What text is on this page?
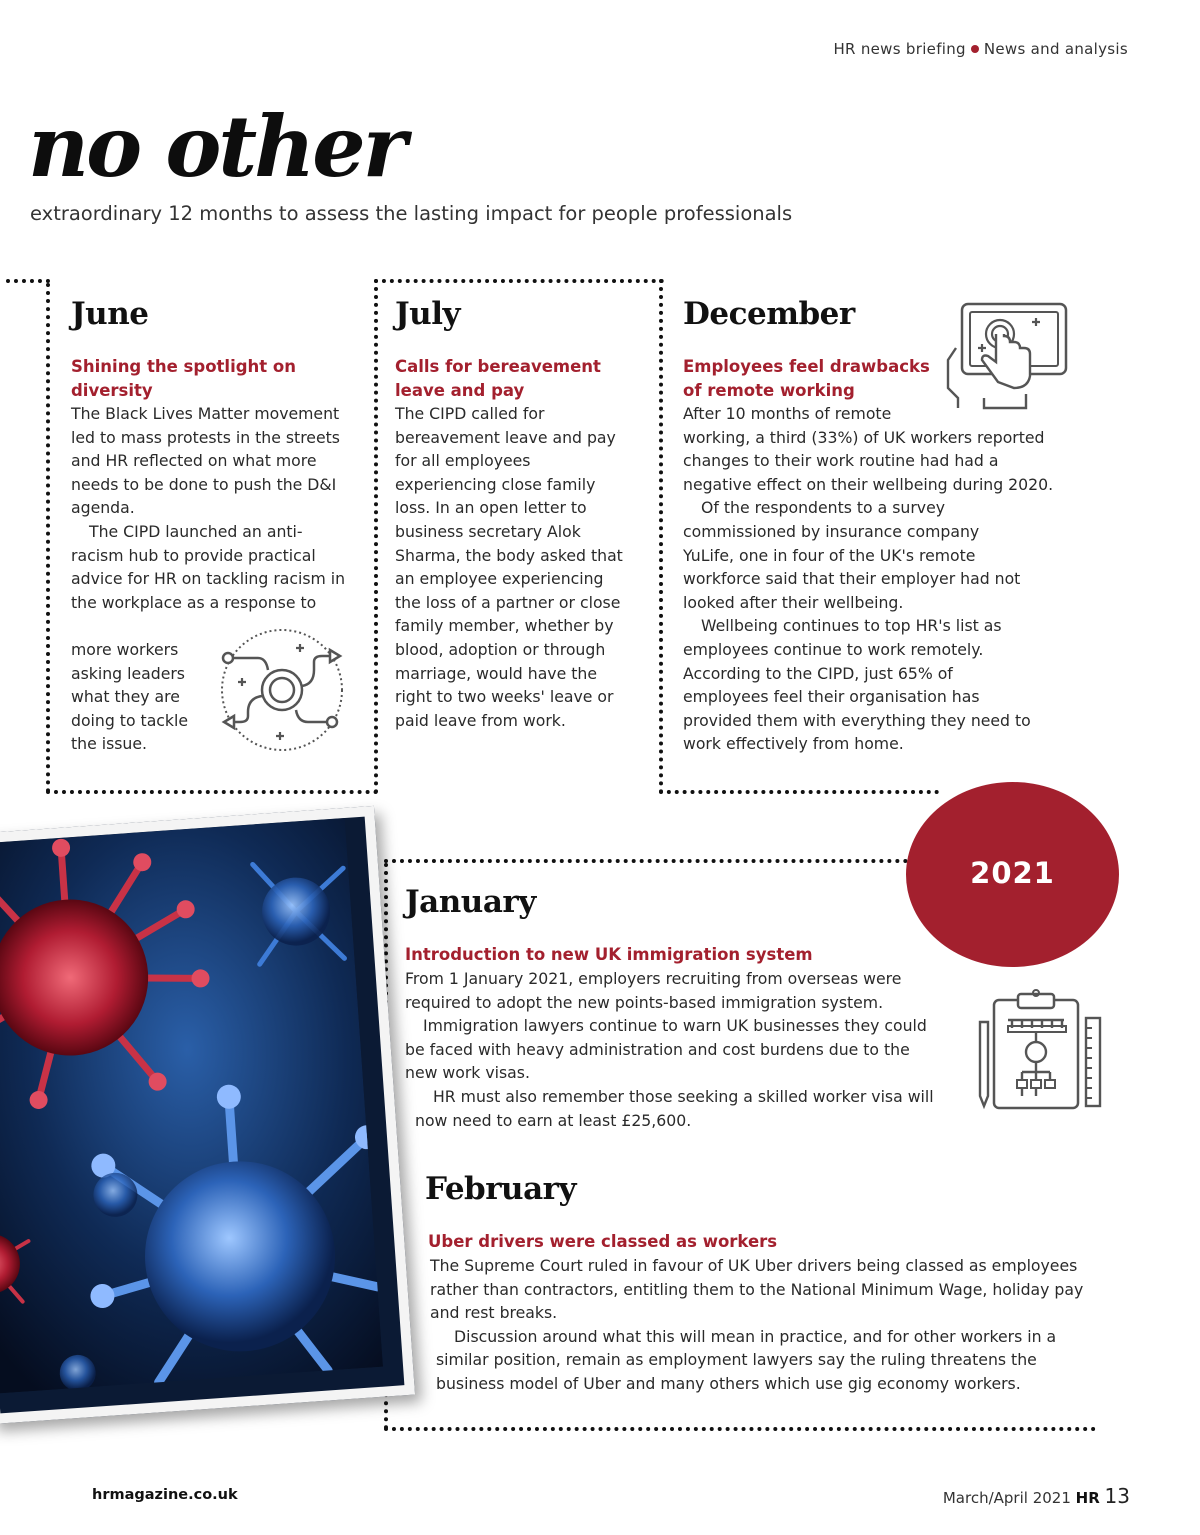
HR news briefing News and analysis
no other
extraordinary 12 months to assess the lasting impact for people professionals
June
Shining the spotlight on diversity

The Black Lives Matter movement led to mass protests in the streets and HR reflected on what more needs to be done to push the D&I agenda.

The CIPD launched an anti-racism hub to provide practical advice for HR on tackling racism in the workplace as a response to

more workers
asking leaders
what they are
doing to tackle
the issue.
July
Calls for bereavement leave and pay

The CIPD called for bereavement leave and pay for all employees experiencing close family loss. In an open letter to business secretary Alok Sharma, the body asked that an employee experiencing the loss of a partner or close family member, whether by blood, adoption or through marriage, would have the right to two weeks' leave or paid leave from work.

December
Employees feel drawbacks of remote working

After 10 months of remote

working, a third (33%) of UK workers reported changes to their work routine had had a negative effect on their wellbeing during 2020.

Of the respondents to a survey commissioned by insurance company YuLife, one in four of the UK's remote workforce said that their employer had not looked after their wellbeing.

Wellbeing continues to top HR's list as employees continue to work remotely. According to the CIPD, just 65% of employees feel their organisation has provided them with everything they need to work effectively from home.

2021
January
Introduction to new UK immigration system

From 1 January 2021, employers recruiting from overseas were required to adopt the new points-based immigration system.

Immigration lawyers continue to warn UK businesses they could be faced with heavy administration and cost burdens due to the new work visas.

HR must also remember those seeking a skilled worker visa will now need to earn at least £25,600.

February
Uber drivers were classed as workers

The Supreme Court ruled in favour of UK Uber drivers being classed as employees rather than contractors, entitling them to the National Minimum Wage, holiday pay and rest breaks.

Discussion around what this will mean in practice, and for other workers in a similar position, remain as employment lawyers say the ruling threatens the business model of Uber and many others which use gig economy workers.

hrmagazine.co.uk	March/April 2021 HR 13
